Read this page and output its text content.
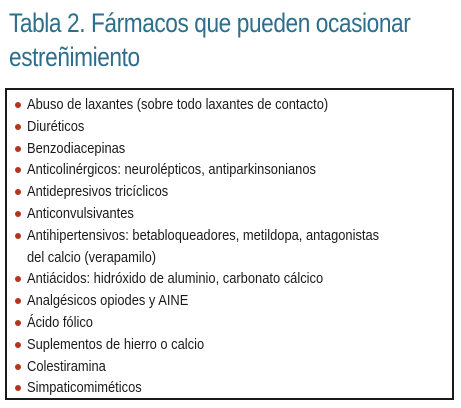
Tabla 2. Fármacos que pueden ocasionar estreñimiento
Abuso de laxantes (sobre todo laxantes de contacto)
Diuréticos
Benzodiacepinas
Anticolinérgicos: neurolépticos, antiparkinsonianos
Antidepresivos tricíclicos
Anticonvulsivantes
Antihipertensivos: betabloqueadores, metildopa, antagonistas
del calcio (verapamilo)
Antiácidos: hidróxido de aluminio, carbonato cálcico
Analgésicos opiodes y AINE
Ácido fólico
Suplementos de hierro o calcio
Colestiramina
Simpaticomiméticos
